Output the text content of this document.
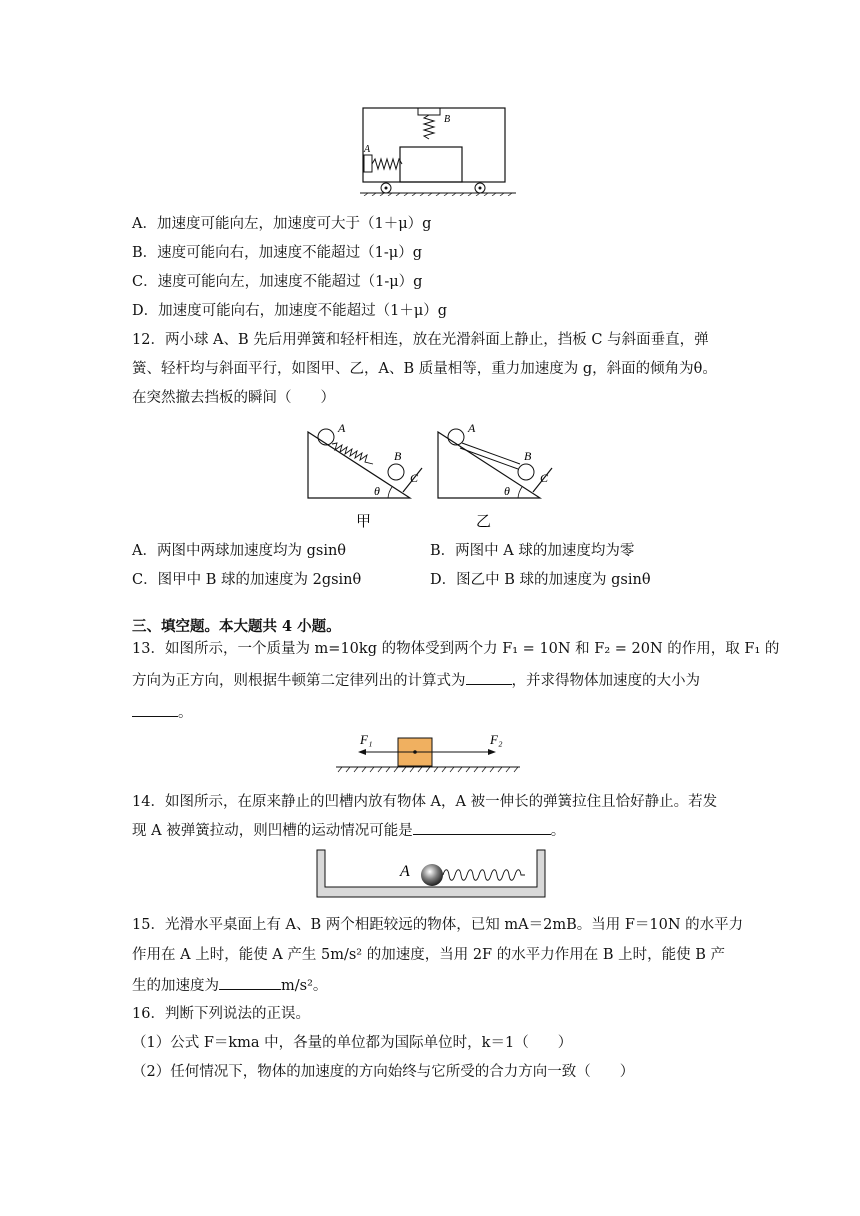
B
A
A．加速度可能向左，加速度可大于（1＋μ）g
B．速度可能向右，加速度不能超过（1-μ）g
C．速度可能向左，加速度不能超过（1-μ）g
D．加速度可能向右，加速度不能超过（1＋μ）g
12．两小球 A、B 先后用弹簧和轻杆相连，放在光滑斜面上静止，挡板 C 与斜面垂直，弹
簧、轻杆均与斜面平行，如图甲、乙，A、B 质量相等，重力加速度为 g，斜面的倾角为θ。
在突然撤去挡板的瞬间（　　）
A
B
C
θ
甲
A
B
C
θ
乙
A．两图中两球加速度均为 gsinθ	B．两图中 A 球的加速度均为零
C．图甲中 B 球的加速度为 2gsinθ	D．图乙中 B 球的加速度为 gsinθ
三、填空题。本大题共 4 小题。
13．如图所示，一个质量为 m=10kg 的物体受到两个力 F₁ = 10N 和 F₂ = 20N 的作用，取 F₁ 的
方向为正方向，则根据牛顿第二定律列出的计算式为	，并求得物体加速度的大小为
。
F₁	F₂
14．如图所示，在原来静止的凹槽内放有物体 A，A 被一伸长的弹簧拉住且恰好静止。若发
现 A 被弹簧拉动，则凹槽的运动情况可能是	。
A
15．光滑水平桌面上有 A、B 两个相距较远的物体，已知 mA＝2mB。当用 F＝10N 的水平力
作用在 A 上时，能使 A 产生 5m/s² 的加速度，当用 2F 的水平力作用在 B 上时，能使 B 产
生的加速度为	m/s²。
16．判断下列说法的正误。
（1）公式 F＝kma 中，各量的单位都为国际单位时，k＝1（　　）
（2）任何情况下，物体的加速度的方向始终与它所受的合力方向一致（　　）
